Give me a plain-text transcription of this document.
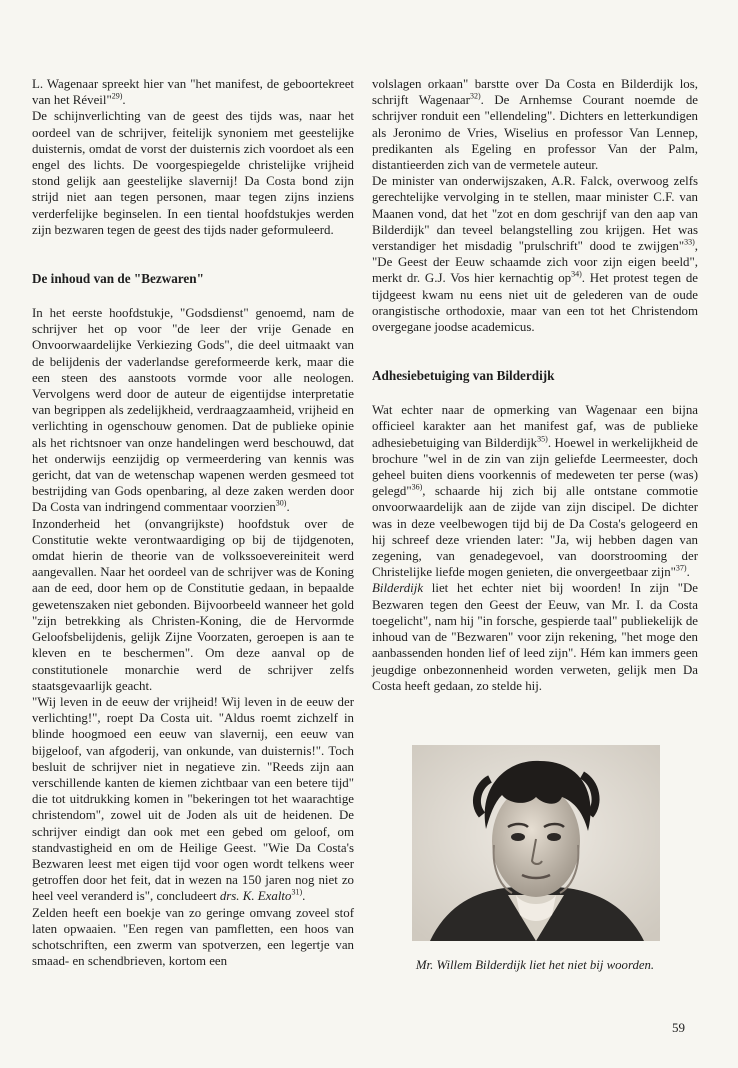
L. Wagenaar spreekt hier van "het manifest, de geboortekreet van het Réveil"$^{29)}$.

De schijnverlichting van de geest des tijds was, naar het oordeel van de schrijver, feitelijk synoniem met geestelijke duisternis, omdat de vorst der duisternis zich voordoet als een engel des lichts. De voorgespiegelde christelijke vrijheid stond gelijk aan geestelijke slavernij! Da Costa bond zijn strijd niet aan tegen personen, maar tegen zijns inziens verderfelijke beginselen. In een tiental hoofdstukjes werden zijn bezwaren tegen de geest des tijds nader geformuleerd.

De inhoud van de "Bezwaren"

In het eerste hoofdstukje, "Godsdienst" genoemd, nam de schrijver het op voor "de leer der vrije Genade en Onvoorwaardelijke Verkiezing Gods", die deel uitmaakt van de belijdenis der vaderlandse gereformeerde kerk, maar die een steen des aanstoots vormde voor alle neologen. Vervolgens werd door de auteur de eigentijdse interpretatie van begrippen als zedelijkheid, verdraagzaamheid, vrijheid en verlichting in ogenschouw genomen. Dat de publieke opinie als het richtsnoer van onze handelingen werd beschouwd, dat het onderwijs eenzijdig op vermeerdering van kennis was gericht, dat van de wetenschap wapenen werden gesmeed tot bestrijding van Gods openbaring, al deze zaken werden door Da Costa van indringend commentaar voorzien$^{30)}$.

Inzonderheid het (onvangrijkste) hoofdstuk over de Constitutie wekte verontwaardiging op bij de tijdgenoten, omdat hierin de theorie van de volkssoevereiniteit werd aangevallen. Naar het oordeel van de schrijver was de Koning aan de eed, door hem op de Constitutie gedaan, in bepaalde gewetenszaken niet gebonden. Bijvoorbeeld wanneer het gold "zijn betrekking als Christen-Koning, die de Hervormde Geloofsbelijdenis, gelijk Zijne Voorzaten, geroepen is aan te kleven en te beschermen". Om deze aanval op de constitutionele monarchie werd de schrijver zelfs staatsgevaarlijk geacht.

"Wij leven in de eeuw der vrijheid! Wij leven in de eeuw der verlichting!", roept Da Costa uit. "Aldus roemt zichzelf in blinde hoogmoed een eeuw van slavernij, een eeuw van bijgeloof, van afgoderij, van onkunde, van duisternis!". Toch besluit de schrijver niet in negatieve zin. "Reeds zijn aan verschillende kanten de kiemen zichtbaar van een betere tijd" die tot uitdrukking komen in "bekeringen tot het waarachtige christendom", zowel uit de Joden als uit de heidenen. De schrijver eindigt dan ook met een gebed om geloof, om standvastigheid en om de Heilige Geest. "Wie Da Costa's Bezwaren leest met eigen tijd voor ogen wordt telkens weer getroffen door het feit, dat in wezen na 150 jaren nog niet zo heel veel veranderd is", concludeert drs. K. Exalto$^{31)}$.

Zelden heeft een boekje van zo geringe omvang zoveel stof laten opwaaien. "Een regen van pamfletten, een hoos van schotschriften, een zwerm van spotverzen, een legertje van smaad- en schendbrieven, kortom een

volslagen orkaan" barstte over Da Costa en Bilderdijk los, schrijft Wagenaar$^{32)}$. De Arnhemse Courant noemde de schrijver ronduit een "ellendeling". Dichters en letterkundigen als Jeronimo de Vries, Wiselius en professor Van Lennep, predikanten als Egeling en professor Van der Palm, distantieerden zich van de vermetele auteur.

De minister van onderwijszaken, A.R. Falck, overwoog zelfs gerechtelijke vervolging in te stellen, maar minister C.F. van Maanen vond, dat het "zot en dom geschrijf van den aap van Bilderdijk" dan teveel belangstelling zou krijgen. Het was verstandiger het misdadig "prulschrift" dood te zwijgen"$^{33)}$, "De Geest der Eeuw schaamde zich voor zijn eigen beeld", merkt dr. G.J. Vos hier kernachtig $op^{34)}$. Het protest tegen de tijdgeest kwam nu eens niet uit de gelederen van de oude orangistische orthodoxie, maar van een tot het Christendom overgegane joodse academicus.

Adhesiebetuiging van Bilderdijk

Wat echter naar de opmerking van Wagenaar een bijna officieel karakter aan het manifest gaf, was de publieke adhesiebetuiging van Bilderdijk$^{35)}$. Hoewel in werkelijkheid de brochure "wel in de zin van zijn geliefde Leermeester, doch geheel buiten diens voorkennis of medeweten ter perse (was) gelegd"$^{36)}$, schaarde hij zich bij alle ontstane commotie onvoorwaardelijk aan de zijde van zijn discipel. De dichter was in deze veelbewogen tijd bij de Da Costa's gelogeerd en hij schreef deze vrienden later: "Ja, wij hebben dagen van zegening, van genadegevoel, van doorstrooming der Christelijke liefde mogen genieten, die onvergeetbaar zijn"$^{37)}$.
Bilderdijk liet het echter niet bij woorden! In zijn "De Bezwaren tegen den Geest der Eeuw, van Mr. I. da Costa toegelicht", nam hij "in forsche, gespierde taal" publiekelijk de inhoud van de "Bezwaren" voor zijn rekening, "het moge den aanbassenden honden lief of leed zijn". Hém kan immers geen jeugdige onbezonnenheid worden verweten, gelijk men Da Costa heeft gedaan, zo stelde hij.

Mr. Willem Bilderdijk liet het niet bij woorden.
59
